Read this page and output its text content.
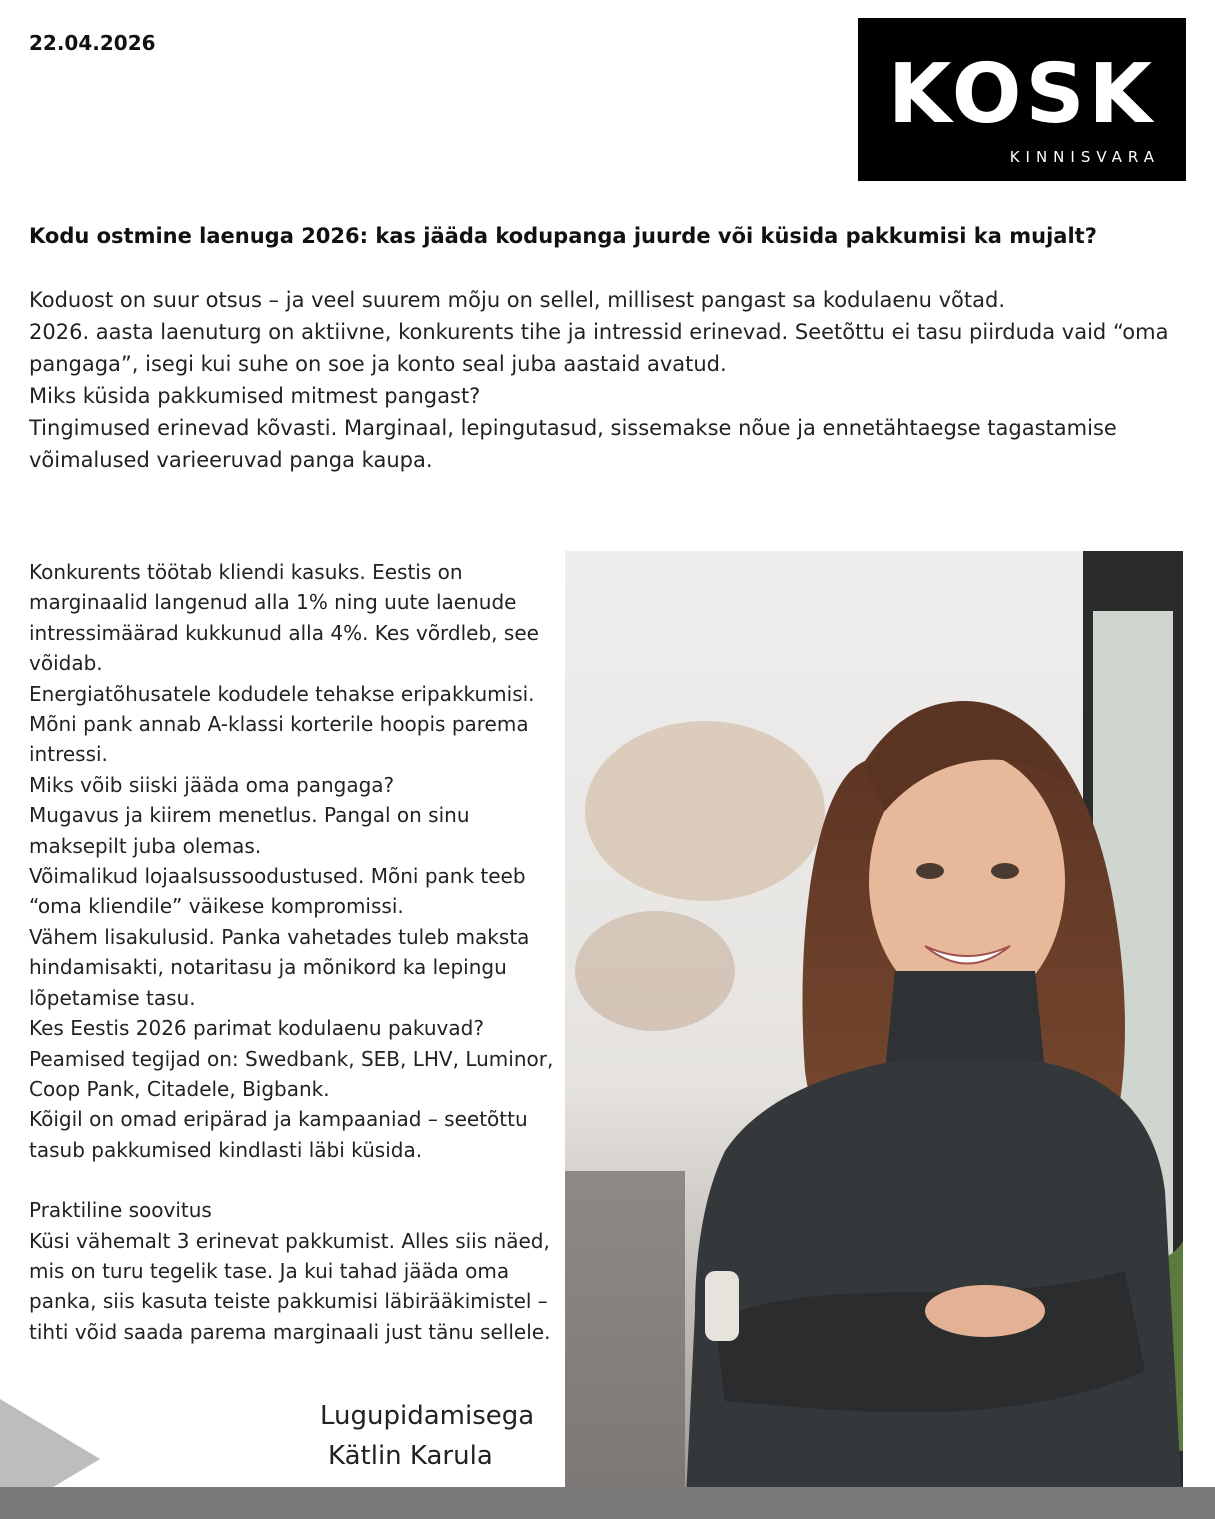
22.04.2026
KOSK
KINNISVARA
Kodu ostmine laenuga 2026: kas jääda kodupanga juurde või küsida pakkumisi ka mujalt?

Koduost on suur otsus – ja veel suurem mõju on sellel, millisest pangast sa kodulaenu võtad.

2026. aasta laenuturg on aktiivne, konkurents tihe ja intressid erinevad. Seetõttu ei tasu piirduda vaid “oma pangaga”, isegi kui suhe on soe ja konto seal juba aastaid avatud.

Miks küsida pakkumised mitmest pangast?

Tingimused erinevad kõvasti. Marginaal, lepingutasud, sissemakse nõue ja ennetähtaegse tagastamise võimalused varieeruvad panga kaupa.

Konkurents töötab kliendi kasuks. Eestis on marginaalid langenud alla 1% ning uute laenude intressimäärad kukkunud alla 4%. Kes võrdleb, see võidab.

Energiatõhusatele kodudele tehakse eripakkumisi. Mõni pank annab A-klassi korterile hoopis parema intressi.

Miks võib siiski jääda oma pangaga?

Mugavus ja kiirem menetlus. Pangal on sinu maksepilt juba olemas.

Võimalikud lojaalsussoodustused. Mõni pank teeb “oma kliendile” väikese kompromissi.

Vähem lisakulusid. Panka vahetades tuleb maksta hindamisakti, notaritasu ja mõnikord ka lepingu lõpetamise tasu.

Kes Eestis 2026 parimat kodulaenu pakuvad?

Peamised tegijad on: Swedbank, SEB, LHV, Luminor, Coop Pank, Citadele, Bigbank.

Kõigil on omad eripärad ja kampaaniad – seetõttu tasub pakkumised kindlasti läbi küsida.

Praktiline soovitus

Küsi vähemalt 3 erinevat pakkumist. Alles siis näed, mis on turu tegelik tase. Ja kui tahad jääda oma panka, siis kasuta teiste pakkumisi läbirääkimistel – tihti võid saada parema marginaali just tänu sellele.

Lugupidamisega
Kätlin Karula
